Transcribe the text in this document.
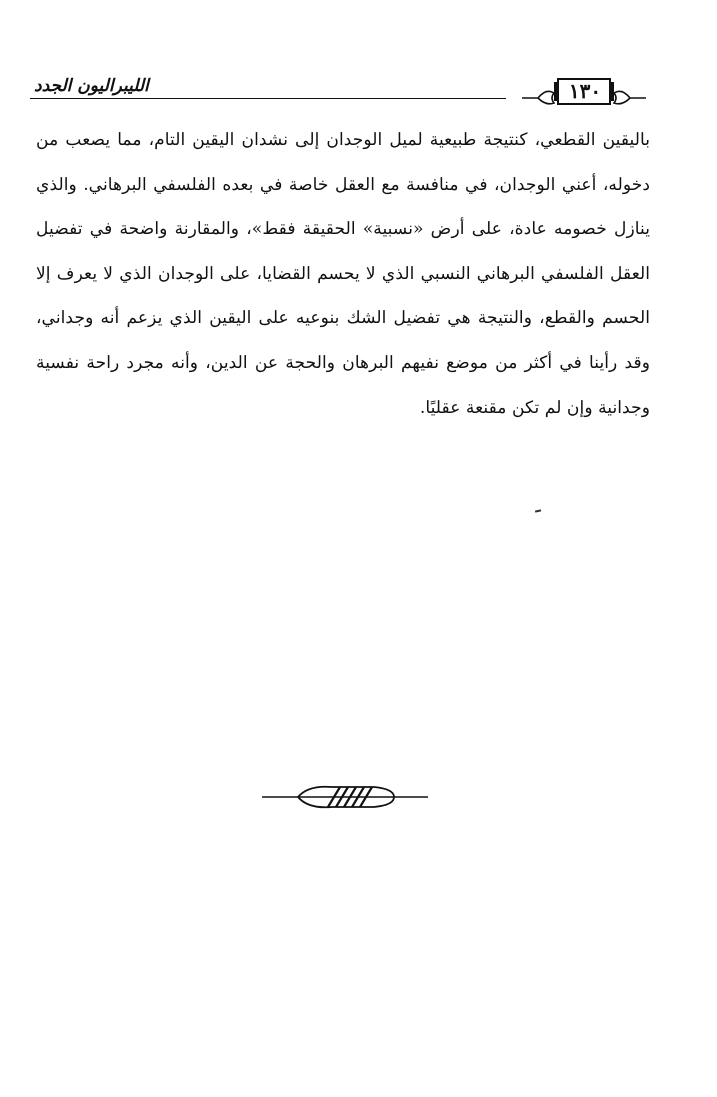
الليبراليون الجدد	١٣٠
باليقين القطعي، كنتيجة طبيعية لميل الوجدان إلى نشدان اليقين التام، مما يصعب من
دخوله، أعني الوجدان، في منافسة مع العقل خاصة في بعده الفلسفي البرهاني. والذي
ينازل خصومه عادة، على أرض «نسبية» الحقيقة فقط»، والمقارنة واضحة في تفضيل
العقل الفلسفي البرهاني النسبي الذي لا يحسم القضايا، على الوجدان الذي لا يعرف إلا
الحسم والقطع، والنتيجة هي تفضيل الشك بنوعيه على اليقين الذي يزعم أنه وجداني،
وقد رأينا في أكثر من موضع نفيهم البرهان والحجة عن الدين، وأنه مجرد راحة نفسية
وجدانية وإن لم تكن مقنعة عقليًا.
